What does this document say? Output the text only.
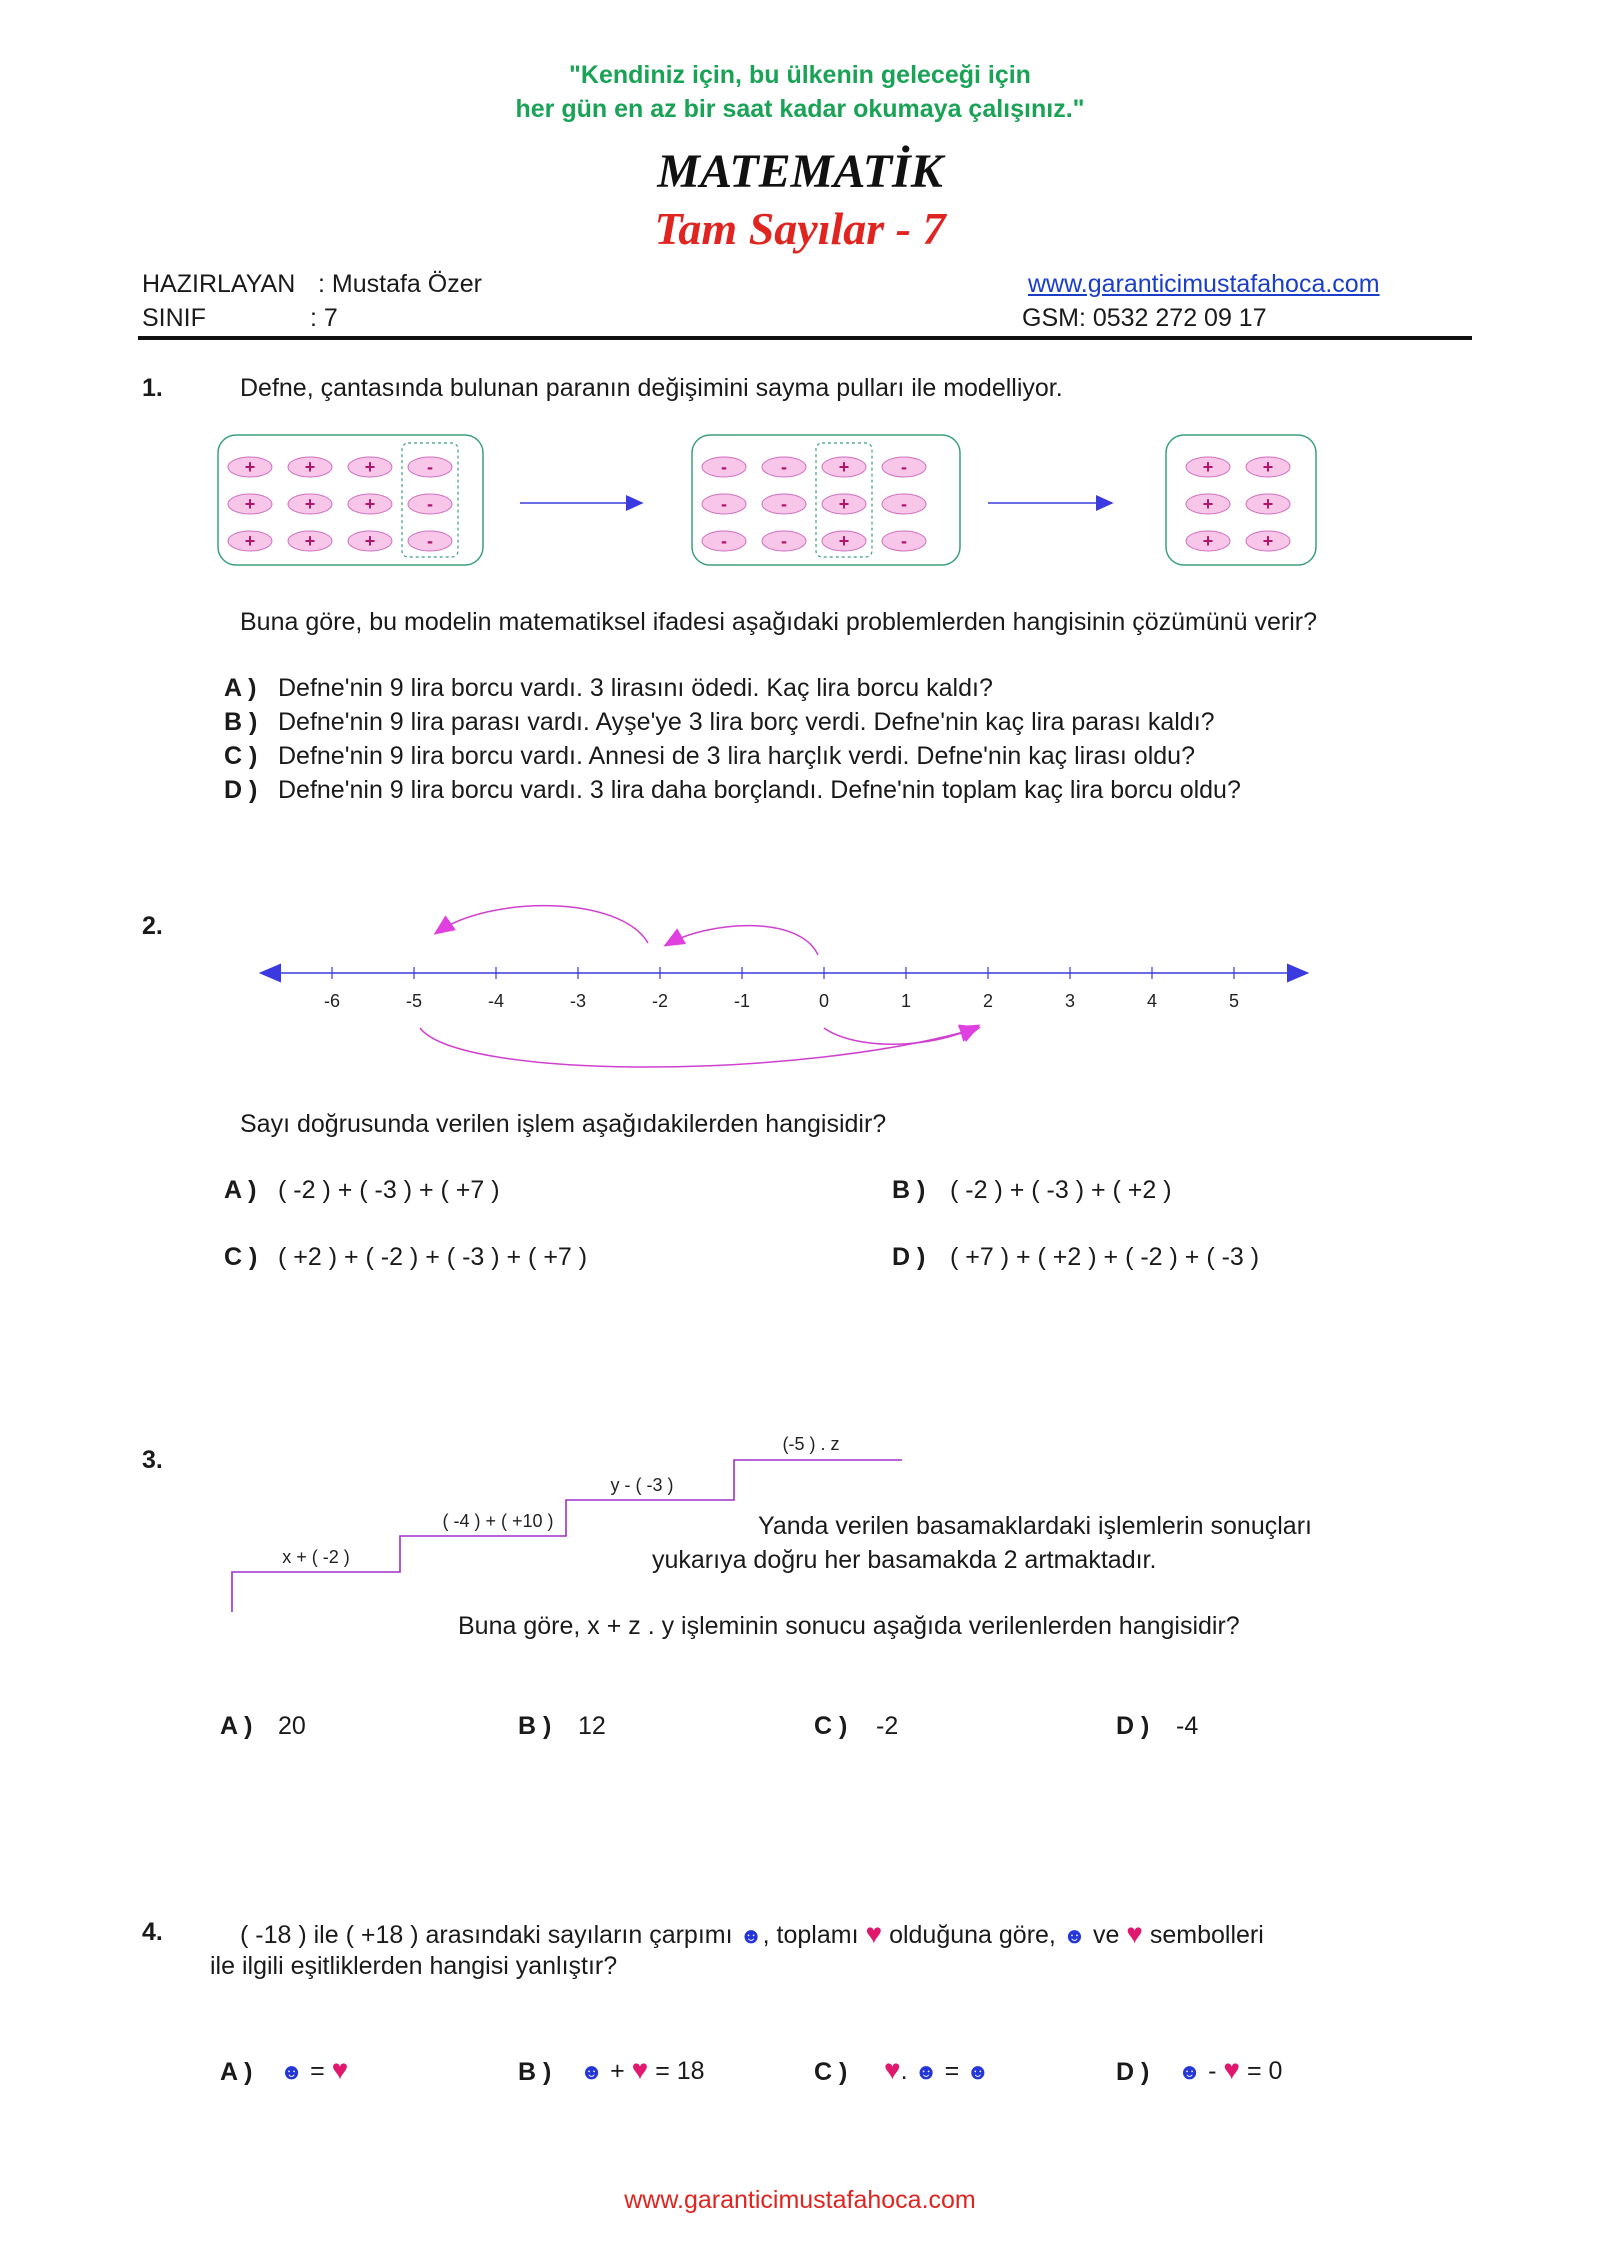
"Kendiniz için, bu ülkenin geleceği için
her gün en az bir saat kadar okumaya çalışınız."
MATEMATİK
Tam Sayılar - 7
HAZIRLAYAN : Mustafa Özer
SINIF	: 7
www.garanticimustafahoca.com
GSM: 0532 272 09 17
1.	Defne, çantasında bulunan paranın değişimini sayma pulları ile modelliyor.
+	+	+	-
+	+	+	-
+	+	+	-
-	-	+	-
-	-	+	-
-	-	+	-
+	+
+	+
+	+
Buna göre, bu modelin matematiksel ifadesi aşağıdaki problemlerden hangisinin çözümünü verir?
A ) Defne'nin 9 lira borcu vardı. 3 lirasını ödedi. Kaç lira borcu kaldı?
B ) Defne'nin 9 lira parası vardı. Ayşe'ye 3 lira borç verdi. Defne'nin kaç lira parası kaldı?
C ) Defne'nin 9 lira borcu vardı. Annesi de 3 lira harçlık verdi. Defne'nin kaç lirası oldu?
D ) Defne'nin 9 lira borcu vardı. 3 lira daha borçlandı. Defne'nin toplam kaç lira borcu oldu?
2.
-6	-5	-4	-3	-2	-1	0	1	2	3	4	5
Sayı doğrusunda verilen işlem aşağıdakilerden hangisidir?
A ) ( -2 ) + ( -3 ) + ( +7 )	B ) ( -2 ) + ( -3 ) + ( +2 )
C ) ( +2 ) + ( -2 ) + ( -3 ) + ( +7 )	D ) ( +7 ) + ( +2 ) + ( -2 ) + ( -3 )
3.
x + ( -2 )
( -4 ) + ( +10 )
y - ( -3 )
(-5 ) . z
Yanda verilen basamaklardaki işlemlerin sonuçları
yukarıya doğru her basamakda 2 artmaktadır.
Buna göre, x + z . y işleminin sonucu aşağıda verilenlerden hangisidir?
A ) 20	B ) 12	C ) -2	D ) -4
4.	( -18 ) ile ( +18 ) arasındaki sayıların çarpımı ☻, toplamı ♥ olduğuna göre, ☻ ve ♥ sembolleri
ile ilgili eşitliklerden hangisi yanlıştır?
A ) ☻ = ♥	B ) ☻ + ♥ = 18	C ) ♥. ☻ = ☻	D ) ☻ - ♥ = 0
www.garanticimustafahoca.com
